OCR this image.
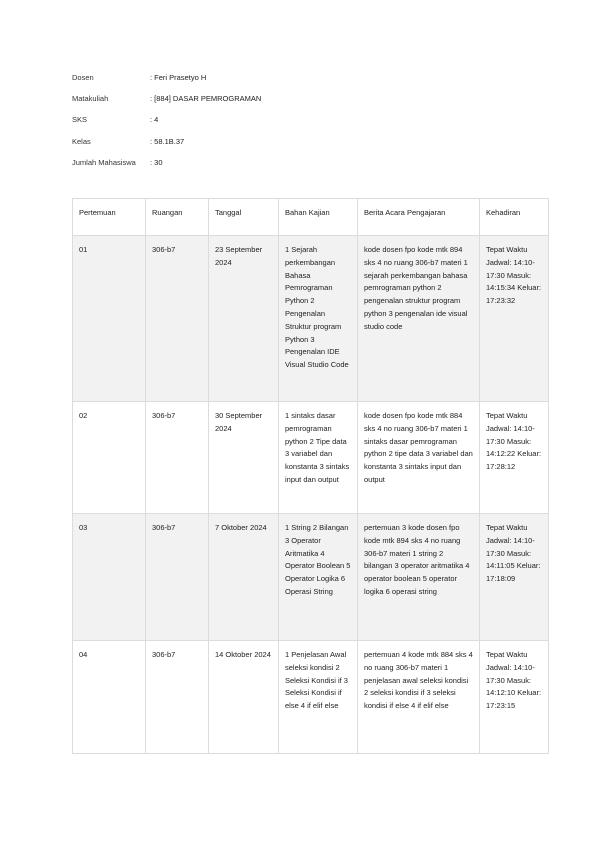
Dosen	: Feri Prasetyo H
Matakuliah	: [884] DASAR PEMROGRAMAN
SKS	: 4
Kelas	: 58.1B.37
Jumlah Mahasiswa	: 30
Pertemuan	Ruangan	Tanggal	Bahan Kajian	Berita Acara Pengajaran	Kehadiran
01	306-b7	23 September 2024	1 Sejarah perkembangan Bahasa Pemrograman Python 2 Pengenalan Struktur program Python 3 Pengenalan IDE Visual Studio Code	kode dosen fpo kode mtk 894 sks 4 no ruang 306-b7 materi 1 sejarah perkembangan bahasa pemrograman python 2 pengenalan struktur program python 3 pengenalan ide visual studio code	Tepat Waktu Jadwal: 14:10-17:30 Masuk: 14:15:34 Keluar: 17:23:32
02	306-b7	30 September 2024	1 sintaks dasar pemrograman python 2 Tipe data 3 variabel dan konstanta 3 sintaks input dan output	kode dosen fpo kode mtk 884 sks 4 no ruang 306-b7 materi 1 sintaks dasar pemrograman python 2 tipe data 3 variabel dan konstanta 3 sintaks input dan output	Tepat Waktu Jadwal: 14:10-17:30 Masuk: 14:12:22 Keluar: 17:28:12
03	306-b7	7 Oktober 2024	1 String 2 Bilangan 3 Operator Aritmatika 4 Operator Boolean 5 Operator Logika 6 Operasi String	pertemuan 3 kode dosen fpo kode mtk 894 sks 4 no ruang 306-b7 materi 1 string 2 bilangan 3 operator aritmatika 4 operator boolean 5 operator logika 6 operasi string	Tepat Waktu Jadwal: 14:10-17:30 Masuk: 14:11:05 Keluar: 17:18:09
04	306-b7	14 Oktober 2024	1 Penjelasan Awal seleksi kondisi 2 Seleksi Kondisi if 3 Seleksi Kondisi if else 4 if elif else	pertemuan 4 kode mtk 884 sks 4 no ruang 306-b7 materi 1 penjelasan awal seleksi kondisi 2 seleksi kondisi if 3 seleksi kondisi if else 4 if elif else	Tepat Waktu Jadwal: 14:10-17:30 Masuk: 14:12:10 Keluar: 17:23:15
